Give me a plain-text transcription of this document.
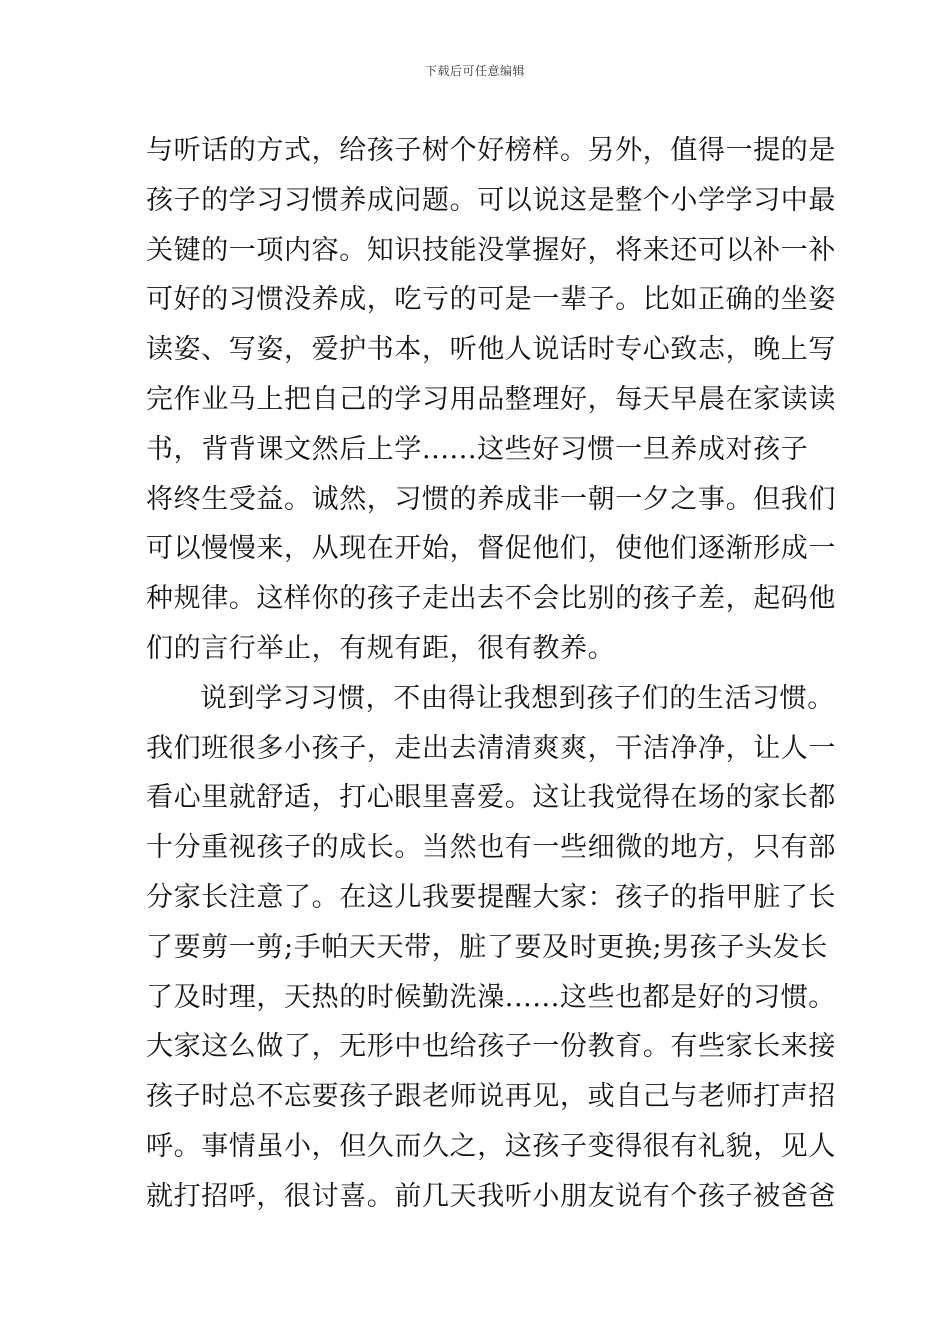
下载后可任意编辑
与听话的方式，给孩子树个好榜样。另外，值得一提的是
孩子的学习习惯养成问题。可以说这是整个小学学习中最
关键的一项内容。知识技能没掌握好，将来还可以补一补
可好的习惯没养成，吃亏的可是一辈子。比如正确的坐姿
读姿、写姿，爱护书本，听他人说话时专心致志，晚上写
完作业马上把自己的学习用品整理好，每天早晨在家读读
书，背背课文然后上学......这些好习惯一旦养成对孩子
将终生受益。诚然，习惯的养成非一朝一夕之事。但我们
可以慢慢来，从现在开始，督促他们，使他们逐渐形成一
种规律。这样你的孩子走出去不会比别的孩子差，起码他
们的言行举止，有规有距，很有教养。
说到学习习惯，不由得让我想到孩子们的生活习惯。
我们班很多小孩子，走出去清清爽爽，干洁净净，让人一
看心里就舒适，打心眼里喜爱。这让我觉得在场的家长都
十分重视孩子的成长。当然也有一些细微的地方，只有部
分家长注意了。在这儿我要提醒大家：孩子的指甲脏了长
了要剪一剪;手帕天天带，脏了要及时更换;男孩子头发长
了及时理，天热的时候勤洗澡......这些也都是好的习惯。
大家这么做了，无形中也给孩子一份教育。有些家长来接
孩子时总不忘要孩子跟老师说再见，或自己与老师打声招
呼。事情虽小，但久而久之，这孩子变得很有礼貌，见人
就打招呼，很讨喜。前几天我听小朋友说有个孩子被爸爸
